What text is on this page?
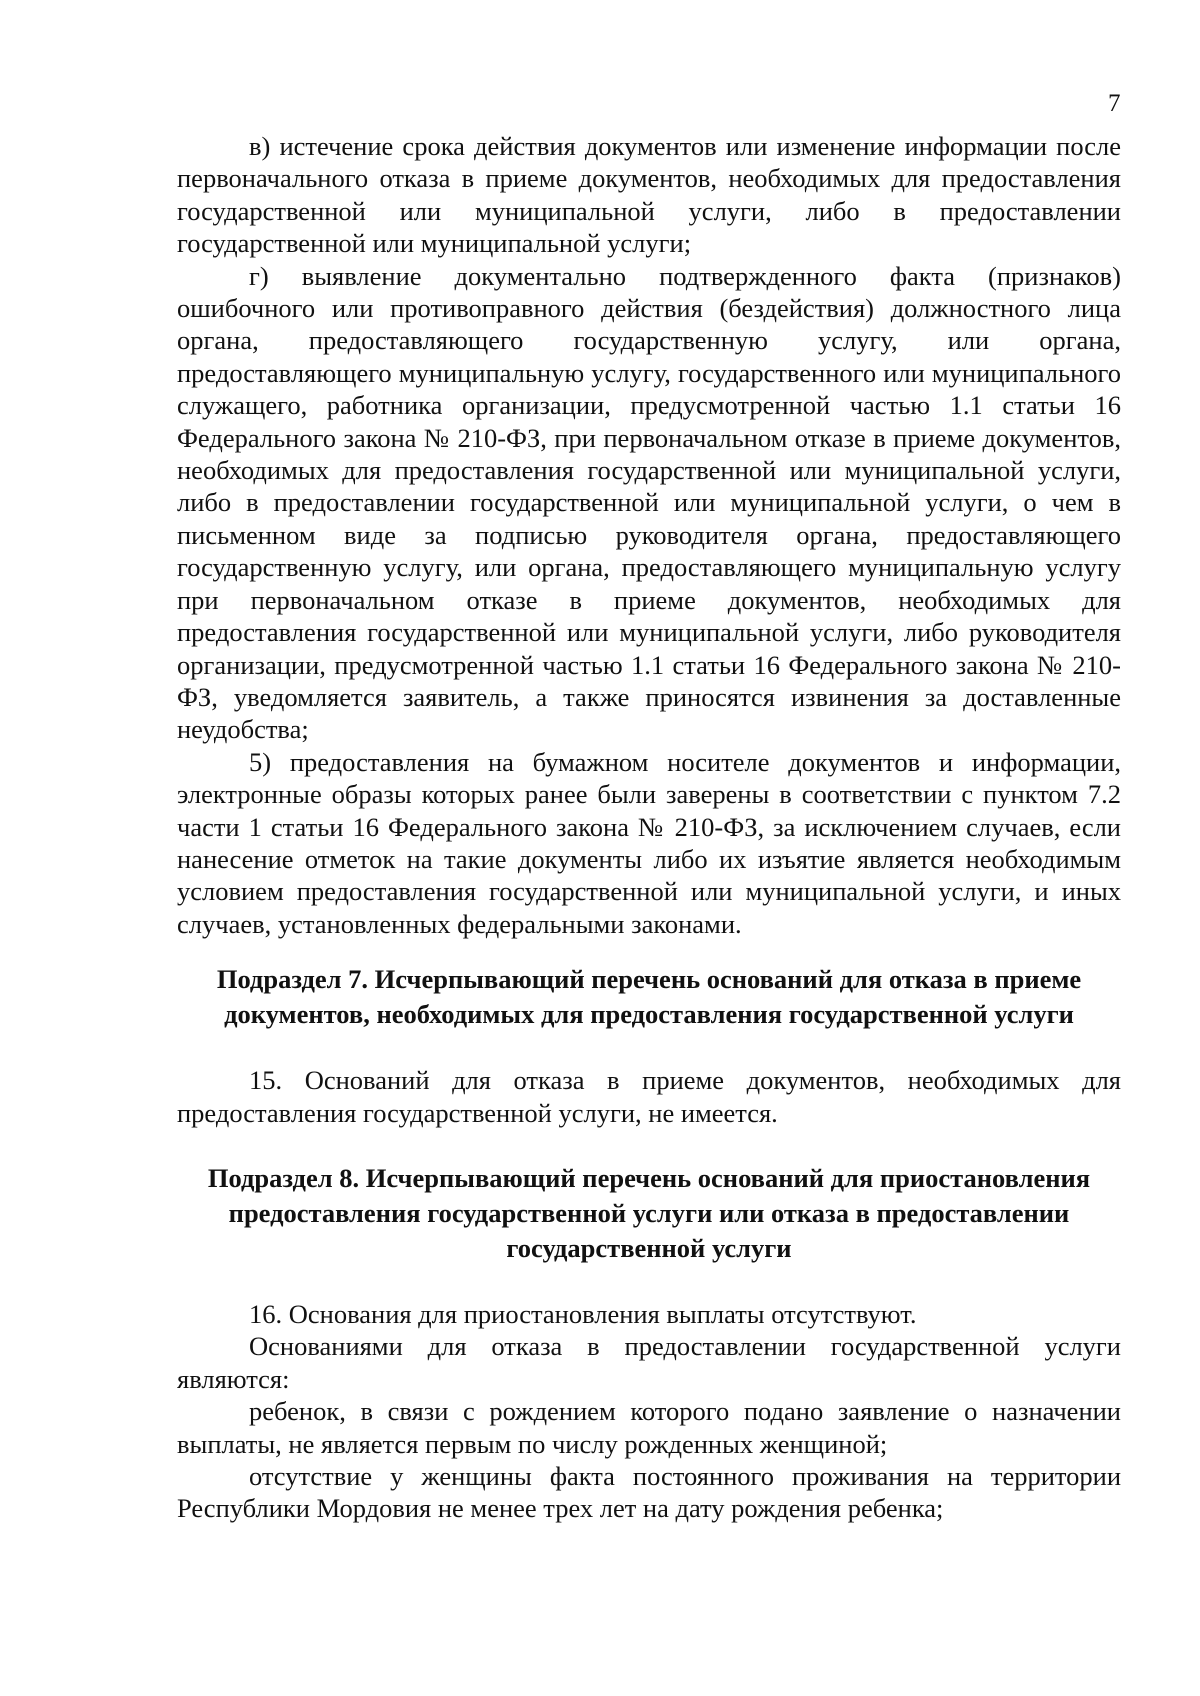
7

в) истечение срока действия документов или изменение информации после первоначального отказа в приеме документов, необходимых для предоставления государственной или муниципальной услуги, либо в предоставлении государственной или муниципальной услуги;

г) выявление документально подтвержденного факта (признаков) ошибочного или противоправного действия (бездействия) должностного лица органа, предоставляющего государственную услугу, или органа, предоставляющего муниципальную услугу, государственного или муниципального служащего, работника организации, предусмотренной частью 1.1 статьи 16 Федерального закона № 210-ФЗ, при первоначальном отказе в приеме документов, необходимых для предоставления государственной или муниципальной услуги, либо в предоставлении государственной или муниципальной услуги, о чем в письменном виде за подписью руководителя органа, предоставляющего государственную услугу, или органа, предоставляющего муниципальную услугу при первоначальном отказе в приеме документов, необходимых для предоставления государственной или муниципальной услуги, либо руководителя организации, предусмотренной частью 1.1 статьи 16 Федерального закона № 210-ФЗ, уведомляется заявитель, а также приносятся извинения за доставленные неудобства;

5) предоставления на бумажном носителе документов и информации, электронные образы которых ранее были заверены в соответствии с пунктом 7.2 части 1 статьи 16 Федерального закона № 210-ФЗ, за исключением случаев, если нанесение отметок на такие документы либо их изъятие является необходимым условием предоставления государственной или муниципальной услуги, и иных случаев, установленных федеральными законами.

Подраздел 7. Исчерпывающий перечень оснований для отказа в приеме документов, необходимых для предоставления государственной услуги

15. Оснований для отказа в приеме документов, необходимых для предоставления государственной услуги, не имеется.

Подраздел 8. Исчерпывающий перечень оснований для приостановления предоставления государственной услуги или отказа в предоставлении государственной услуги

16. Основания для приостановления выплаты отсутствуют.

Основаниями для отказа в предоставлении государственной услуги являются:

ребенок, в связи с рождением которого подано заявление о назначении выплаты, не является первым по числу рожденных женщиной;

отсутствие у женщины факта постоянного проживания на территории Республики Мордовия не менее трех лет на дату рождения ребенка;
